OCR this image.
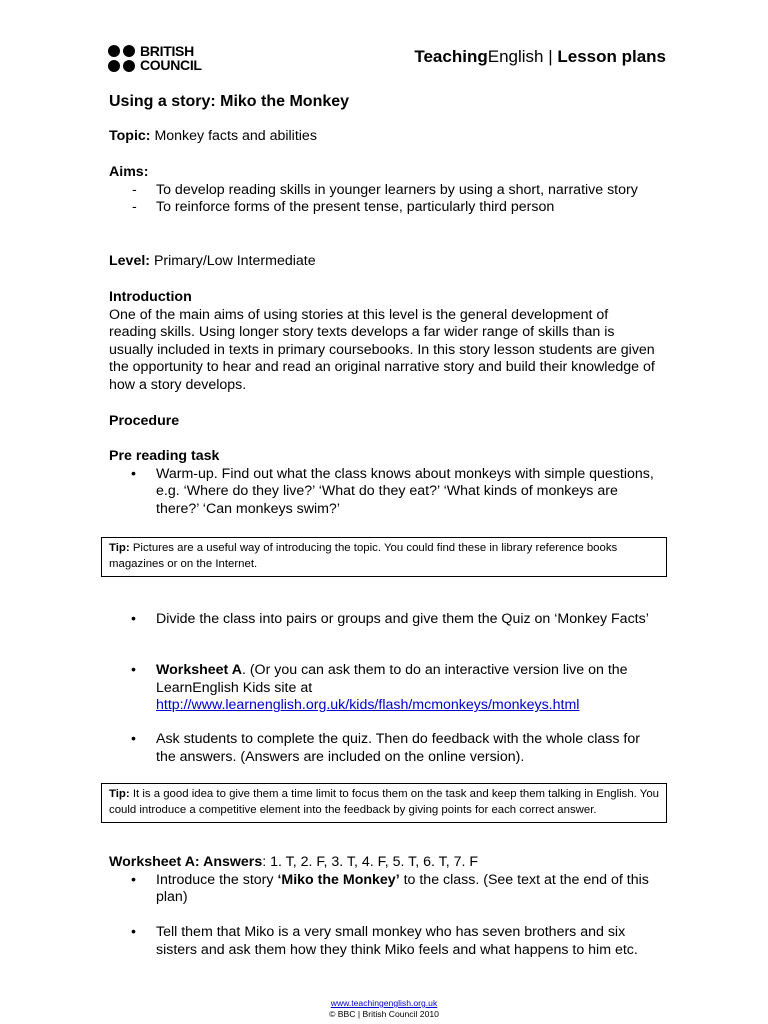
BRITISH
COUNCIL	TeachingEnglish | Lesson plans
Using a story: Miko the Monkey
Topic: Monkey facts and abilities
Aims:
- To develop reading skills in younger learners by using a short, narrative story
- To reinforce forms of the present tense, particularly third person
Level: Primary/Low Intermediate
Introduction
One of the main aims of using stories at this level is the general development of reading skills. Using longer story texts develops a far wider range of skills than is usually included in texts in primary coursebooks. In this story lesson students are given the opportunity to hear and read an original narrative story and build their knowledge of how a story develops.
Procedure
Pre reading task
• Warm-up. Find out what the class knows about monkeys with simple questions, e.g. ‘Where do they live?’ ‘What do they eat?’ ‘What kinds of monkeys are there?’ ‘Can monkeys swim?’
Tip: Pictures are a useful way of introducing the topic. You could find these in library reference books magazines or on the Internet.
• Divide the class into pairs or groups and give them the Quiz on ‘Monkey Facts’
• Worksheet A. (Or you can ask them to do an interactive version live on the LearnEnglish Kids site at
http://www.learnenglish.org.uk/kids/flash/mcmonkeys/monkeys.html
• Ask students to complete the quiz. Then do feedback with the whole class for the answers. (Answers are included on the online version).
Tip: It is a good idea to give them a time limit to focus them on the task and keep them talking in English. You could introduce a competitive element into the feedback by giving points for each correct answer.
Worksheet A: Answers: 1. T, 2. F, 3. T, 4. F, 5. T, 6. T, 7. F
• Introduce the story ‘Miko the Monkey’ to the class. (See text at the end of this plan)
• Tell them that Miko is a very small monkey who has seven brothers and six sisters and ask them how they think Miko feels and what happens to him etc.
www.teachingenglish.org.uk
© BBC | British Council 2010
